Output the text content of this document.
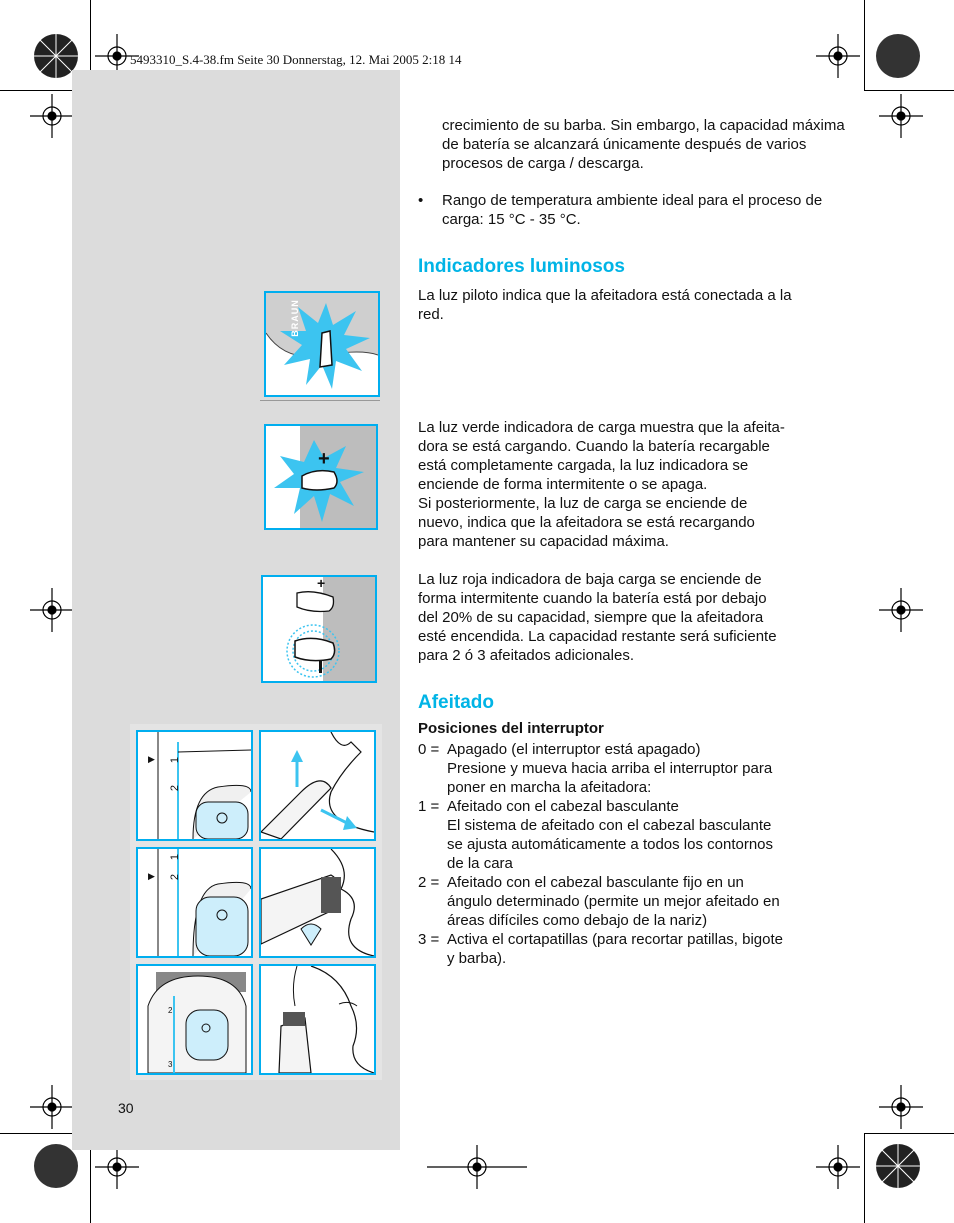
5493310_S.4-38.fm Seite 30 Donnerstag, 12. Mai 2005 2:18 14

crecimiento de su barba. Sin embargo, la capacidad máxima de batería se alcanzará únicamente después de varios procesos de carga / descarga.

• Rango de temperatura ambiente ideal para el proceso de carga: 15 °C - 35 °C.
Indicadores luminosos

La luz piloto indica que la afeitadora está conectada a la red.

La luz verde indicadora de carga muestra que la afeita-
dora se está cargando. Cuando la batería recargable
está completamente cargada, la luz indicadora se
enciende de forma intermitente o se apaga.
Si posteriormente, la luz de carga se enciende de
nuevo, indica que la afeitadora se está recargando
para mantener su capacidad máxima.
La luz roja indicadora de baja carga se enciende de
forma intermitente cuando la batería está por debajo
del 20% de su capacidad, siempre que la afeitadora
esté encendida. La capacidad restante será suficiente
para 2 ó 3 afeitados adicionales.
Afeitado

Posiciones del interruptor

0 = Apagado (el interruptor está apagado)
Presione y mueva hacia arriba el interruptor para
poner en marcha la afeitadora:
1 = Afeitado con el cabezal basculante
El sistema de afeitado con el cabezal basculante
se ajusta automáticamente a todos los contornos
de la cara
2 = Afeitado con el cabezal basculante fijo en un
ángulo determinado (permite un mejor afeitado en
áreas difíciles como debajo de la nariz)
3 = Activa el cortapatillas (para recortar patillas, bigote
y barba).
BRAUN
+
+
1
2
▶
1
2
▶
2
3
30
